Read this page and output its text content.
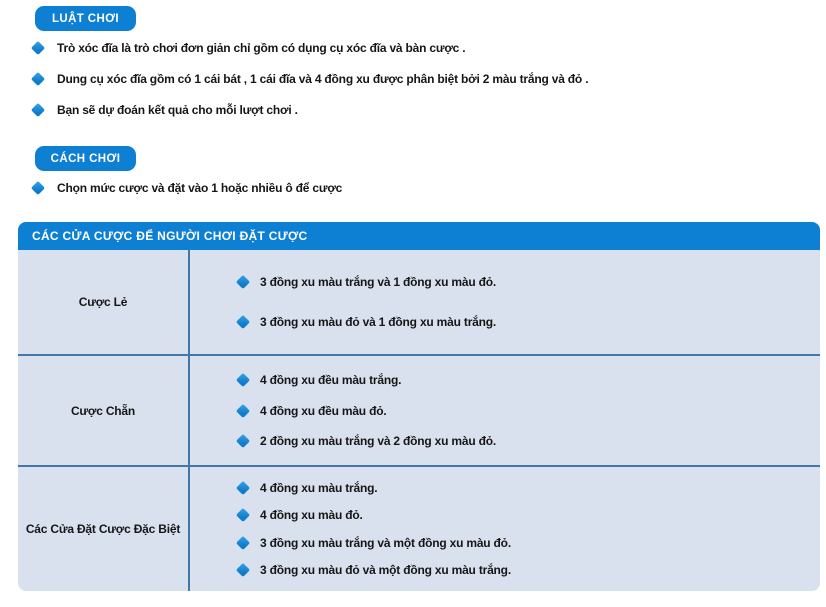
LUẬT CHƠI
Trò xóc đĩa là trò chơi đơn giản chỉ gồm có dụng cụ xóc đĩa và bàn cược .
Dung cụ xóc đĩa gồm có 1 cái bát , 1 cái đĩa và 4 đồng xu được phân biệt bởi 2 màu trắng và đỏ .
Bạn sẽ dự đoán kết quả cho mỗi lượt chơi .
CÁCH CHƠI
Chọn mức cược và đặt vào 1 hoặc nhiều ô để cược
CÁC CỬA CƯỢC ĐỂ NGƯỜI CHƠI ĐẶT CƯỢC
Cược Lẻ
3 đồng xu màu trắng và 1 đồng xu màu đỏ.
3 đồng xu màu đỏ và 1 đồng xu màu trắng.
Cược Chẵn
4 đồng xu đều màu trắng.
4 đồng xu đều màu đỏ.
2 đồng xu màu trắng và 2 đồng xu màu đỏ.
Các Cửa Đặt Cược Đặc Biệt
4 đồng xu màu trắng.
4 đồng xu màu đỏ.
3 đồng xu màu trắng và một đồng xu màu đỏ.
3 đồng xu màu đỏ và một đồng xu màu trắng.
